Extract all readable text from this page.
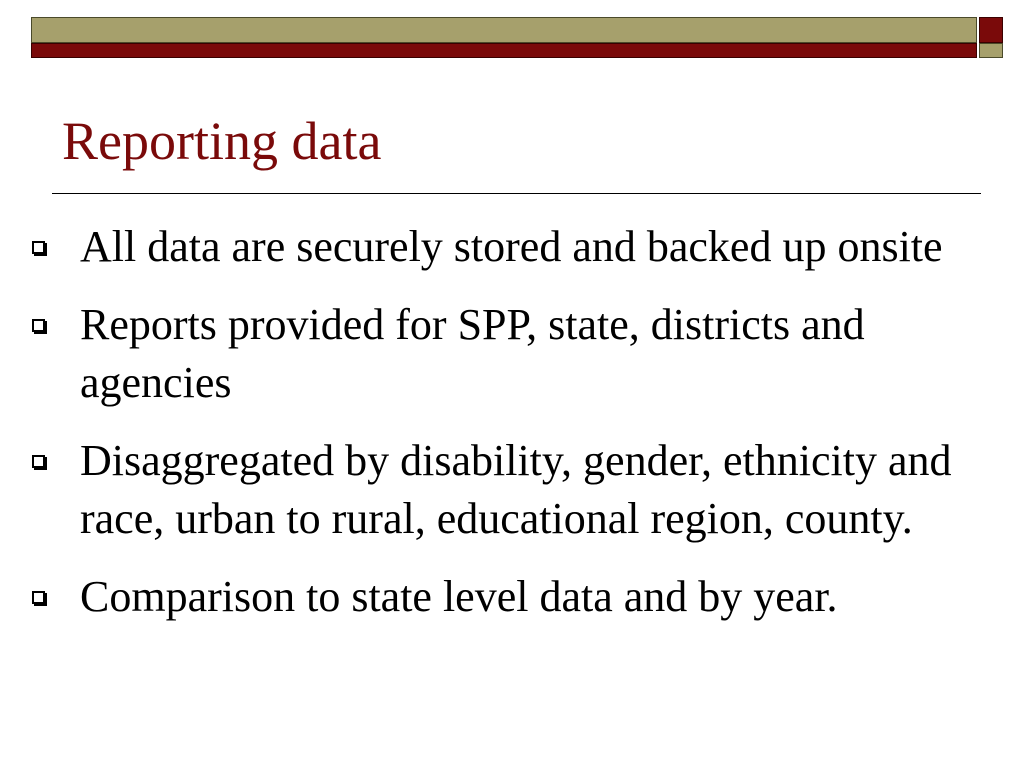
Reporting data
All data are securely stored and backed up onsite
Reports provided for SPP, state, districts and agencies
Disaggregated by disability, gender, ethnicity and race, urban to rural, educational region, county.
Comparison to state level data and by year.
